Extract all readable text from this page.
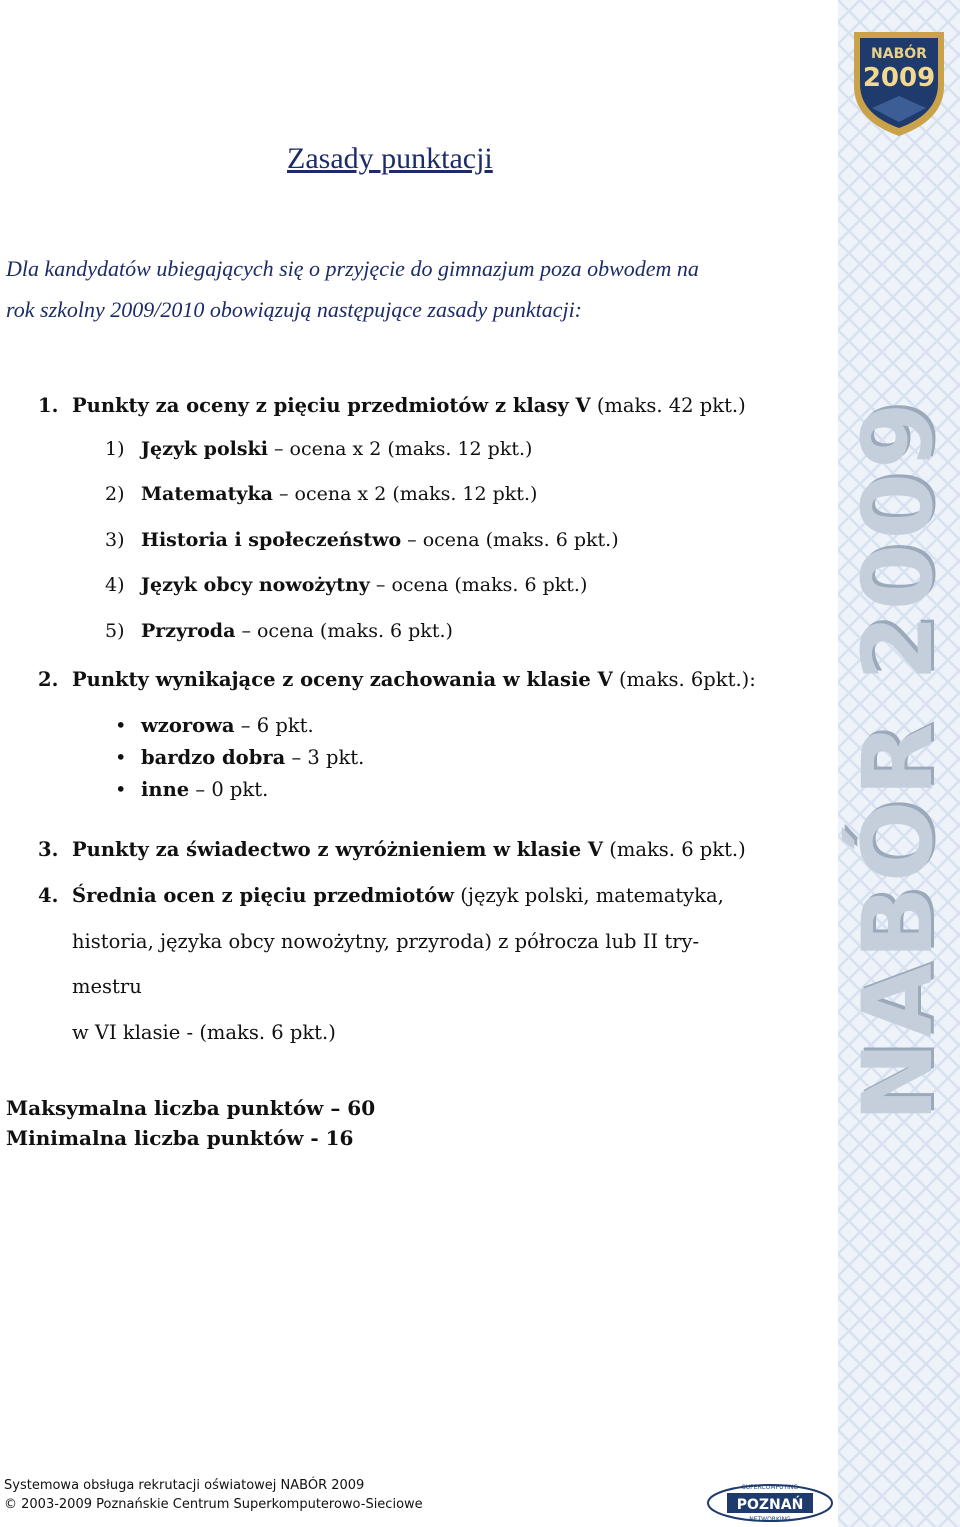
NABÓR
2009
NABÓR 2009
Zasady punktacji
Dla kandydatów ubiegających się o przyjęcie do gimnazjum poza obwodem na
rok szkolny 2009/2010 obowiązują następujące zasady punktacji:
1. Punkty za oceny z pięciu przedmiotów z klasy V (maks. 42 pkt.)
1) Język polski – ocena x 2 (maks. 12 pkt.)
2) Matematyka – ocena x 2 (maks. 12 pkt.)
3) Historia i społeczeństwo – ocena (maks. 6 pkt.)
4) Język obcy nowożytny – ocena (maks. 6 pkt.)
5) Przyroda – ocena (maks. 6 pkt.)
2. Punkty wynikające z oceny zachowania w klasie V (maks. 6pkt.):
• wzorowa – 6 pkt.
• bardzo dobra – 3 pkt.
• inne – 0 pkt.
3. Punkty za świadectwo z wyróżnieniem w klasie V (maks. 6 pkt.)
4. Średnia ocen z pięciu przedmiotów (język polski, matematyka,
historia, języka obcy nowożytny, przyroda) z półrocza lub II try-
mestru
w VI klasie - (maks. 6 pkt.)
Maksymalna liczba punktów – 60
Minimalna liczba punktów - 16
Systemowa obsługa rekrutacji oświatowej NABÓR 2009
© 2003-2009 Poznańskie Centrum Superkomputerowo-Sieciowe
SUPERCOMPUTING
POZNAŃ
NETWORKING
